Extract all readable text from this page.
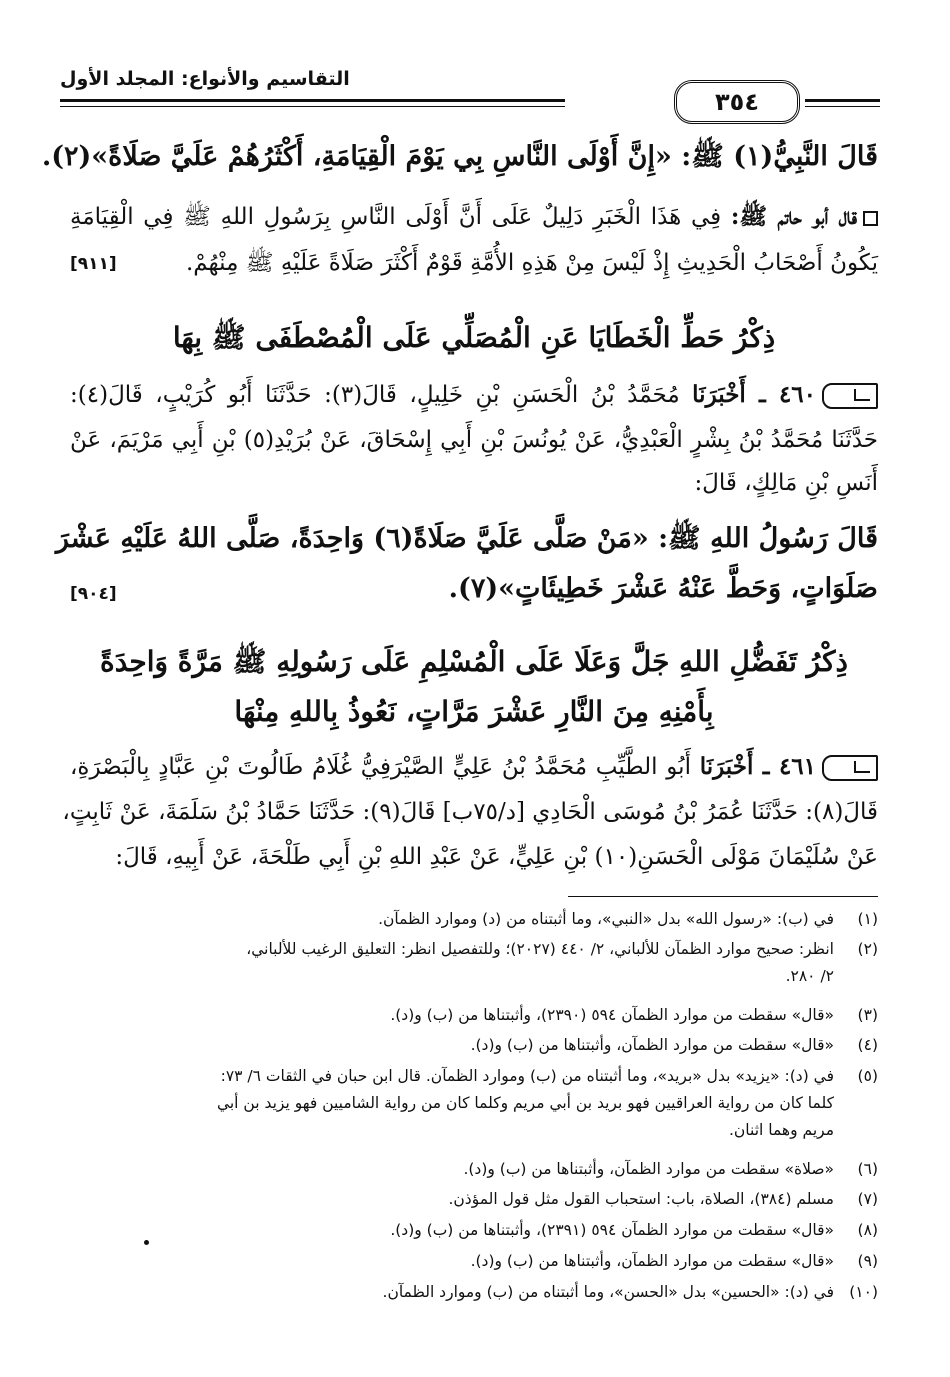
٣٥٤
التقاسيم والأنواع: المجلد الأول
قَالَ النَّبِيُّ(١) ﷺ: «إِنَّ أَوْلَى النَّاسِ بِي يَوْمَ الْقِيَامَةِ، أَكْثَرُهُمْ عَلَيَّ صَلَاةً»(٢).
قال أبو حاتم ﷺ: فِي هَذَا الْخَبَرِ دَلِيلٌ عَلَى أَنَّ أَوْلَى النَّاسِ بِرَسُولِ اللهِ ﷺ فِي الْقِيَامَةِ
يَكُونُ أَصْحَابُ الْحَدِيثِ إِذْ لَيْسَ مِنْ هَذِهِ الأُمَّةِ قَوْمٌ أَكْثَرَ صَلَاةً عَلَيْهِ ﷺ مِنْهُمْ.
[٩١١]
ذِكْرُ حَطِّ الْخَطَايَا عَنِ الْمُصَلِّي عَلَى الْمُصْطَفَى ﷺ بِهَا
٤٦٠ ـ أَخْبَرَنَا مُحَمَّدُ بْنُ الْحَسَنِ بْنِ خَلِيلٍ، قَالَ(٣): حَدَّثَنَا أَبُو كُرَيْبٍ، قَالَ(٤):
حَدَّثَنَا مُحَمَّدُ بْنُ بِشْرٍ الْعَبْدِيُّ، عَنْ يُونُسَ بْنِ أَبِي إِسْحَاقَ، عَنْ بُرَيْدِ(٥) بْنِ أَبِي مَرْيَمَ، عَنْ
أَنَسِ بْنِ مَالِكٍ، قَالَ:
قَالَ رَسُولُ اللهِ ﷺ: «مَنْ صَلَّى عَلَيَّ صَلَاةً(٦) وَاحِدَةً، صَلَّى اللهُ عَلَيْهِ عَشْرَ
صَلَوَاتٍ، وَحَطَّ عَنْهُ عَشْرَ خَطِيئَاتٍ»(٧).
[٩٠٤]
ذِكْرُ تَفَضُّلِ اللهِ جَلَّ وَعَلَا عَلَى الْمُسْلِمِ عَلَى رَسُولِهِ ﷺ مَرَّةً وَاحِدَةً
بِأَمْنِهِ مِنَ النَّارِ عَشْرَ مَرَّاتٍ، نَعُوذُ بِاللهِ مِنْهَا
٤٦١ ـ أَخْبَرَنَا أَبُو الطَّيِّبِ مُحَمَّدُ بْنُ عَلِيٍّ الصَّيْرَفِيُّ غُلَامُ طَالُوتَ بْنِ عَبَّادٍ بِالْبَصْرَةِ،
قَالَ(٨): حَدَّثَنَا عُمَرُ بْنُ مُوسَى الْحَادِي [د/٧٥ب] قَالَ(٩): حَدَّثَنَا حَمَّادُ بْنُ سَلَمَةَ، عَنْ ثَابِتٍ،
عَنْ سُلَيْمَانَ مَوْلَى الْحَسَنِ(١٠) بْنِ عَلِيٍّ، عَنْ عَبْدِ اللهِ بْنِ أَبِي طَلْحَةَ، عَنْ أَبِيهِ، قَالَ:
(١)في (ب): «رسول الله» بدل «النبي»، وما أثبتناه من (د) وموارد الظمآن.
(٢)انظر: صحيح موارد الظمآن للألباني، ٢/ ٤٤٠ (٢٠٢٧)؛ وللتفصيل انظر: التعليق الرغيب للألباني،
٢/ ٢٨٠.
(٣)«قال» سقطت من موارد الظمآن ٥٩٤ (٢٣٩٠)، وأثبتناها من (ب) و(د).
(٤)«قال» سقطت من موارد الظمآن، وأثبتناها من (ب) و(د).
(٥)في (د): «يزيد» بدل «بريد»، وما أثبتناه من (ب) وموارد الظمآن. قال ابن حبان في الثقات ٦/ ٧٣:
كلما كان من رواية العراقيين فهو بريد بن أبي مريم وكلما كان من رواية الشاميين فهو يزيد بن أبي
مريم وهما اثنان.
(٦)«صلاة» سقطت من موارد الظمآن، وأثبتناها من (ب) و(د).
(٧)مسلم (٣٨٤)، الصلاة، باب: استحباب القول مثل قول المؤذن.
(٨)«قال» سقطت من موارد الظمآن ٥٩٤ (٢٣٩١)، وأثبتناها من (ب) و(د).
(٩)«قال» سقطت من موارد الظمآن، وأثبتناها من (ب) و(د).
(١٠)في (د): «الحسين» بدل «الحسن»، وما أثبتناه من (ب) وموارد الظمآن.
